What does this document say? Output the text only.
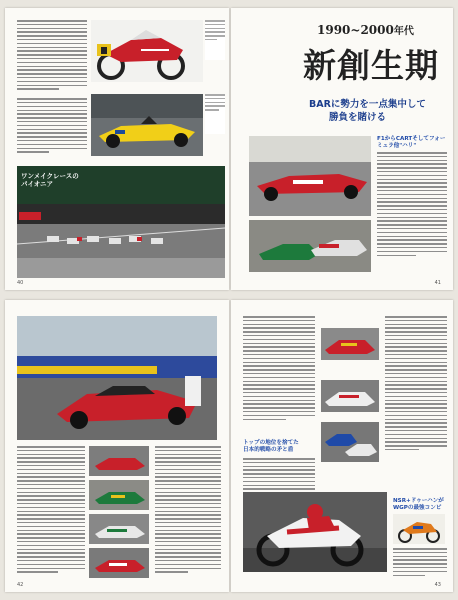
ワンメイクレースのパイオニア
40
1990~2000年代
新創生期
BARに勢力を一点集中して
勝負を賭ける
F1からCARTそしてフォーミュラ他"ハリ"
41
42
トップの地位を捨てた
日本的戦略の矛と盾
NSR+ドゥーハンが
WGPの最強コンビ
43
